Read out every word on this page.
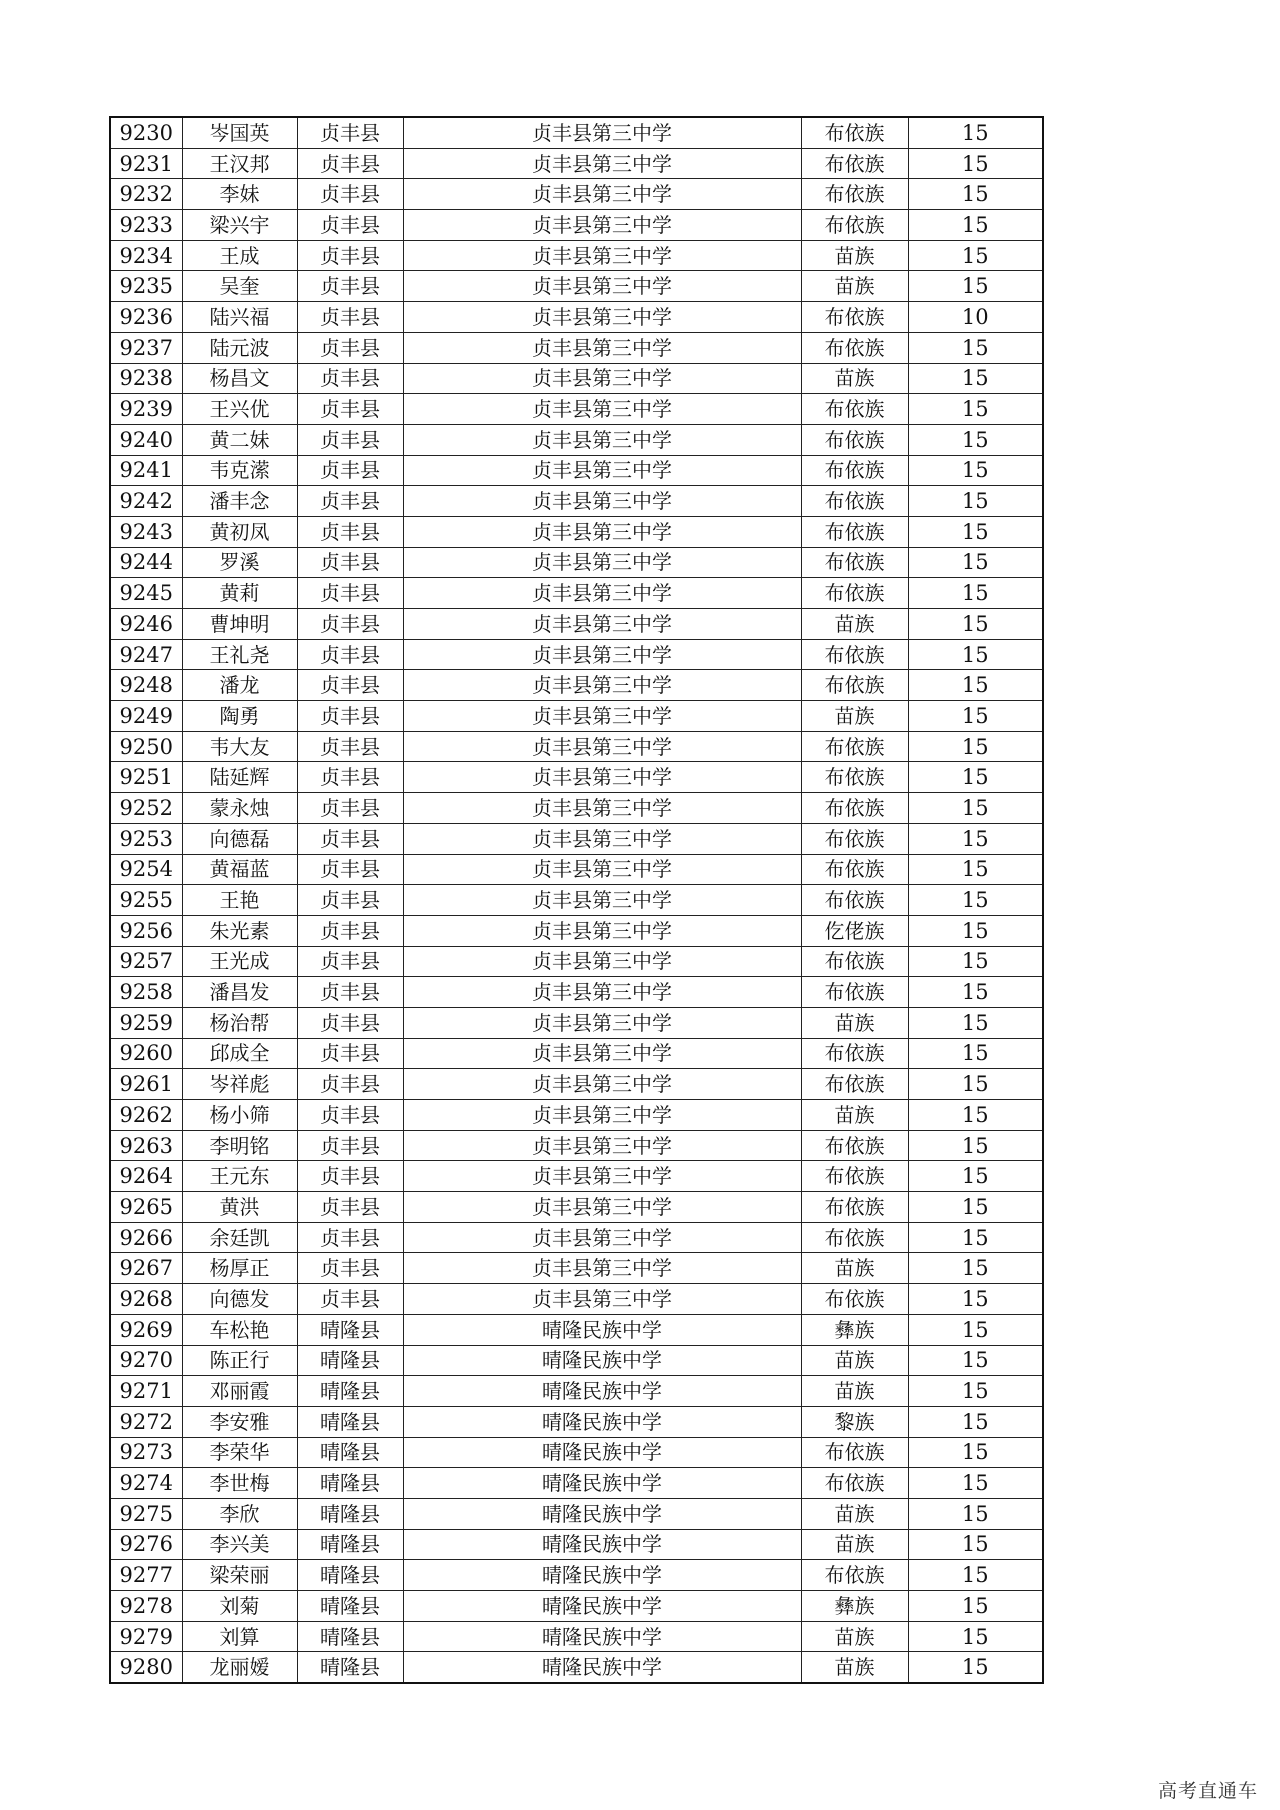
9230	岑国英	贞丰县	贞丰县第三中学	布依族	15
9231	王汉邦	贞丰县	贞丰县第三中学	布依族	15
9232	李妹	贞丰县	贞丰县第三中学	布依族	15
9233	梁兴宇	贞丰县	贞丰县第三中学	布依族	15
9234	王成	贞丰县	贞丰县第三中学	苗族	15
9235	吴奎	贞丰县	贞丰县第三中学	苗族	15
9236	陆兴福	贞丰县	贞丰县第三中学	布依族	10
9237	陆元波	贞丰县	贞丰县第三中学	布依族	15
9238	杨昌文	贞丰县	贞丰县第三中学	苗族	15
9239	王兴优	贞丰县	贞丰县第三中学	布依族	15
9240	黄二妹	贞丰县	贞丰县第三中学	布依族	15
9241	韦克潆	贞丰县	贞丰县第三中学	布依族	15
9242	潘丰念	贞丰县	贞丰县第三中学	布依族	15
9243	黄初凤	贞丰县	贞丰县第三中学	布依族	15
9244	罗溪	贞丰县	贞丰县第三中学	布依族	15
9245	黄莉	贞丰县	贞丰县第三中学	布依族	15
9246	曹坤明	贞丰县	贞丰县第三中学	苗族	15
9247	王礼尧	贞丰县	贞丰县第三中学	布依族	15
9248	潘龙	贞丰县	贞丰县第三中学	布依族	15
9249	陶勇	贞丰县	贞丰县第三中学	苗族	15
9250	韦大友	贞丰县	贞丰县第三中学	布依族	15
9251	陆延辉	贞丰县	贞丰县第三中学	布依族	15
9252	蒙永烛	贞丰县	贞丰县第三中学	布依族	15
9253	向德磊	贞丰县	贞丰县第三中学	布依族	15
9254	黄福蓝	贞丰县	贞丰县第三中学	布依族	15
9255	王艳	贞丰县	贞丰县第三中学	布依族	15
9256	朱光素	贞丰县	贞丰县第三中学	仡佬族	15
9257	王光成	贞丰县	贞丰县第三中学	布依族	15
9258	潘昌发	贞丰县	贞丰县第三中学	布依族	15
9259	杨治帮	贞丰县	贞丰县第三中学	苗族	15
9260	邱成全	贞丰县	贞丰县第三中学	布依族	15
9261	岑祥彪	贞丰县	贞丰县第三中学	布依族	15
9262	杨小筛	贞丰县	贞丰县第三中学	苗族	15
9263	李明铭	贞丰县	贞丰县第三中学	布依族	15
9264	王元东	贞丰县	贞丰县第三中学	布依族	15
9265	黄洪	贞丰县	贞丰县第三中学	布依族	15
9266	余廷凯	贞丰县	贞丰县第三中学	布依族	15
9267	杨厚正	贞丰县	贞丰县第三中学	苗族	15
9268	向德发	贞丰县	贞丰县第三中学	布依族	15
9269	车松艳	晴隆县	晴隆民族中学	彝族	15
9270	陈正行	晴隆县	晴隆民族中学	苗族	15
9271	邓丽霞	晴隆县	晴隆民族中学	苗族	15
9272	李安雅	晴隆县	晴隆民族中学	黎族	15
9273	李荣华	晴隆县	晴隆民族中学	布依族	15
9274	李世梅	晴隆县	晴隆民族中学	布依族	15
9275	李欣	晴隆县	晴隆民族中学	苗族	15
9276	李兴美	晴隆县	晴隆民族中学	苗族	15
9277	梁荣丽	晴隆县	晴隆民族中学	布依族	15
9278	刘菊	晴隆县	晴隆民族中学	彝族	15
9279	刘算	晴隆县	晴隆民族中学	苗族	15
9280	龙丽嫒	晴隆县	晴隆民族中学	苗族	15
高考直通车
